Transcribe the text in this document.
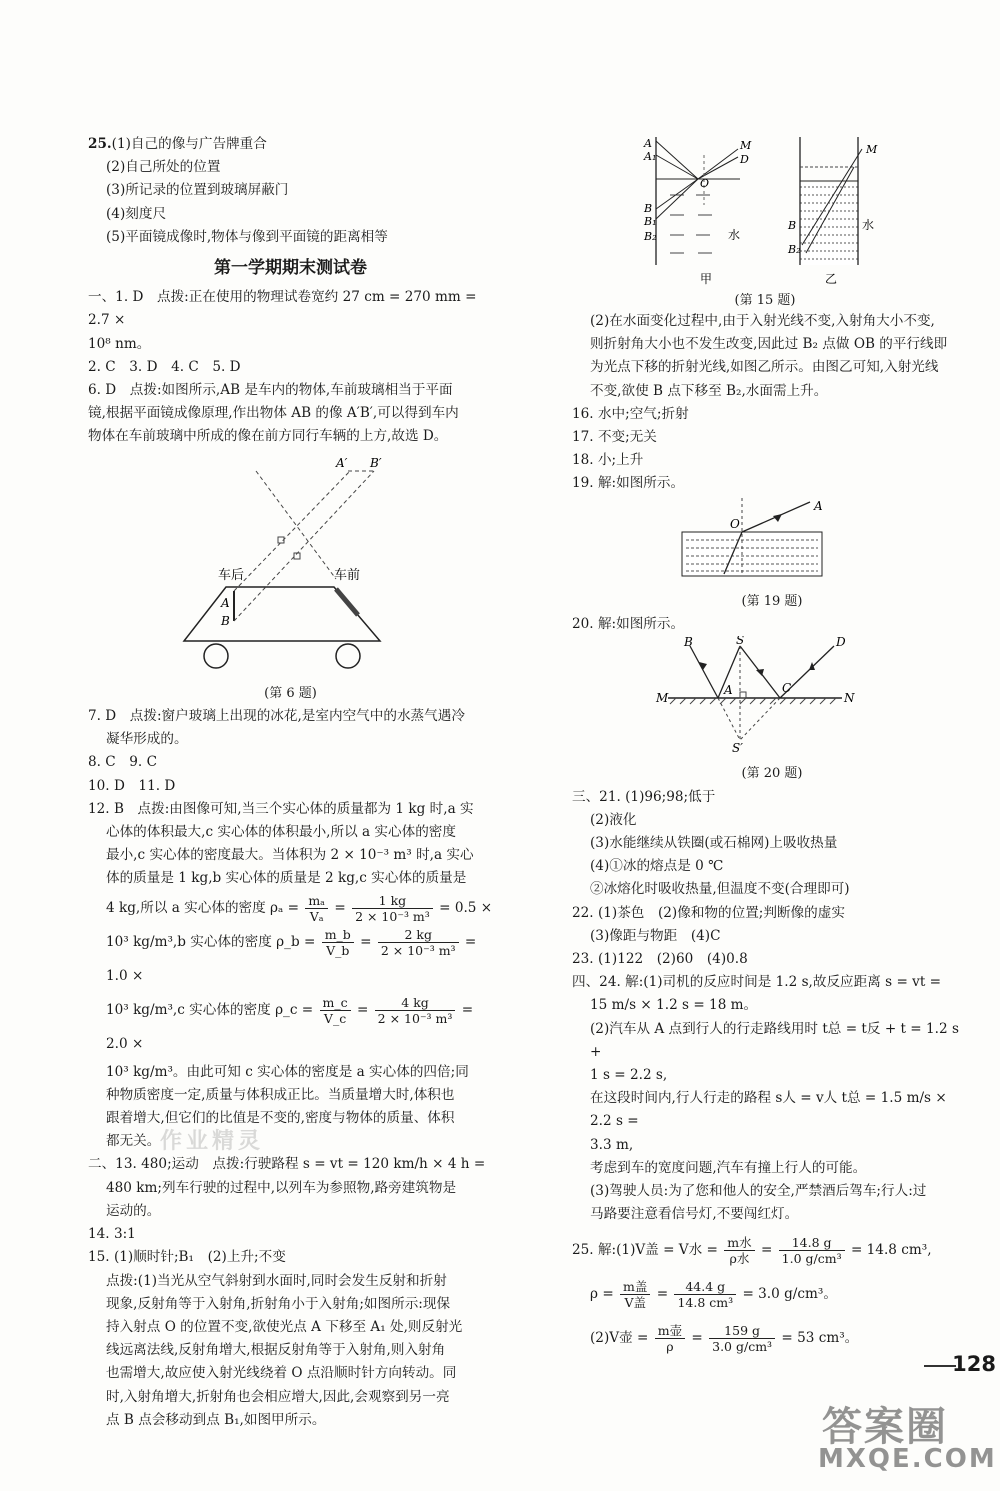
25.(1)自己的像与广告牌重合

(2)自己所处的位置

(3)所记录的位置到玻璃屏蔽门

(4)刻度尺

(5)平面镜成像时,物体与像到平面镜的距离相等

第一学期期末测试卷

一、1. D　点拨:正在使用的物理试卷宽约 27 cm = 270 mm = 2.7 ×

10⁸ nm。

2. C　3. D　4. C　5. D

6. D　点拨:如图所示,AB 是车内的物体,车前玻璃相当于平面

镜,根据平面镜成像原理,作出物体 AB 的像 A′B′,可以得到车内

物体在车前玻璃中所成的像在前方同行车辆的上方,故选 D。

车后	车前
A
B
A′ B′
(第 6 题)

7. D　点拨:窗户玻璃上出现的冰花,是室内空气中的水蒸气遇冷

凝华形成的。

8. C　9. C

10. D　11. D

12. B　点拨:由图像可知,当三个实心体的质量都为 1 kg 时,a 实

心体的体积最大,c 实心体的体积最小,所以 a 实心体的密度

最小,c 实心体的密度最大。当体积为 2 × 10⁻³ m³ 时,a 实心

体的质量是 1 kg,b 实心体的质量是 2 kg,c 实心体的质量是

4 kg,所以 a 实心体的密度 $\rho_a = \frac{\text{mₐ}}{\text{Vₐ}} = \frac{1 kg}{\text{2 × 10⁻³ m³}} = 0.5$ ×

10³ kg/m³,b 实心体的密度 ρ_b = $\frac{m\_b}{V\_b} = \frac{2 kg}{\text{2 × 10⁻³ m³}} = 1.0$ ×

10³ kg/m³,c 实心体的密度 ρ_c = $\frac{m\_c}{V\_c} = \frac{4 kg}{\text{2 × 10⁻³ m³}} = 2.0$ ×

10³ kg/m³。由此可知 c 实心体的密度是 a 实心体的四倍;同

种物质密度一定,质量与体积成正比。当质量增大时,体积也

跟着增大,但它们的比值是不变的,密度与物体的质量、体积

都无关。

二、13. 480;运动　点拨:行驶路程 s = vt = 120 km/h × 4 h =

480 km;列车行驶的过程中,以列车为参照物,路旁建筑物是

运动的。

14. 3:1

15. (1)顺时针;B₁　(2)上升;不变

点拨:(1)当光从空气斜射到水面时,同时会发生反射和折射

现象,反射角等于入射角,折射角小于入射角;如图所示:现保

持入射点 O 的位置不变,欲使光点 A 下移至 A₁ 处,则反射光

线远离法线,反射角增大,根据反射角等于入射角,则入射角

也需增大,故应使入射光线绕着 O 点沿顺时针方向转动。同

时,入射角增大,折射角也会相应增大,因此,会观察到另一亮

点 B 点会移动到点 B₁,如图甲所示。

A
A₁
M
D
O
B
B₁
B₂	水
甲
M
B
B₂
水
乙
(第 15 题)

(2)在水面变化过程中,由于入射光线不变,入射角大小不变,

则折射角大小也不发生改变,因此过 B₂ 点做 OB 的平行线即

为光点下移的折射光线,如图乙所示。由图乙可知,入射光线

不变,欲使 B 点下移至 B₂,水面需上升。

16. 水中;空气;折射

17. 不变;无关

18. 小;上升

19. 解:如图所示。

O
A
(第 19 题)

20. 解:如图所示。

B	S	D
M
A	C
N
S′
(第 20 题)

三、21. (1)96;98;低于

(2)液化

(3)水能继续从铁圈(或石棉网)上吸收热量

(4)①冰的熔点是 0 ℃

②冰熔化时吸收热量,但温度不变(合理即可)

22. (1)茶色　(2)像和物的位置;判断像的虚实

(3)像距与物距　(4)C

23. (1)122　(2)60　(4)0.8

四、24. 解:(1)司机的反应时间是 1.2 s,故反应距离 s = vt =

15 m/s × 1.2 s = 18 m。

(2)汽车从 A 点到行人的行走路线用时 t总 = t反 + t = 1.2 s +

1 s = 2.2 s,

在这段时间内,行人行走的路程 s人 = v人 t总 = 1.5 m/s × 2.2 s =

3.3 m,

考虑到车的宽度问题,汽车有撞上行人的可能。

(3)驾驶人员:为了您和他人的安全,严禁酒后驾车;行人:过

马路要注意看信号灯,不要闯红灯。

25. 解:(1)V盖 = V水 = $\frac{\text{m水}}{\text{ρ水}} = \frac{14.8 g}{\text{1.0 g/cm³}} = 14.8$ cm³,

$\rho = \frac{\text{m盖}}{\text{V盖}} = \frac{44.4 g}{\text{14.8 cm³}} = 3.0$ g/cm³。

(2)V壶 = $\frac{\text{m壶}}{\rho} = \frac{159 g}{\text{3.0 g/cm³}} = 53$ cm³。

128
作业精灵
答案圈
MXQE.COM
